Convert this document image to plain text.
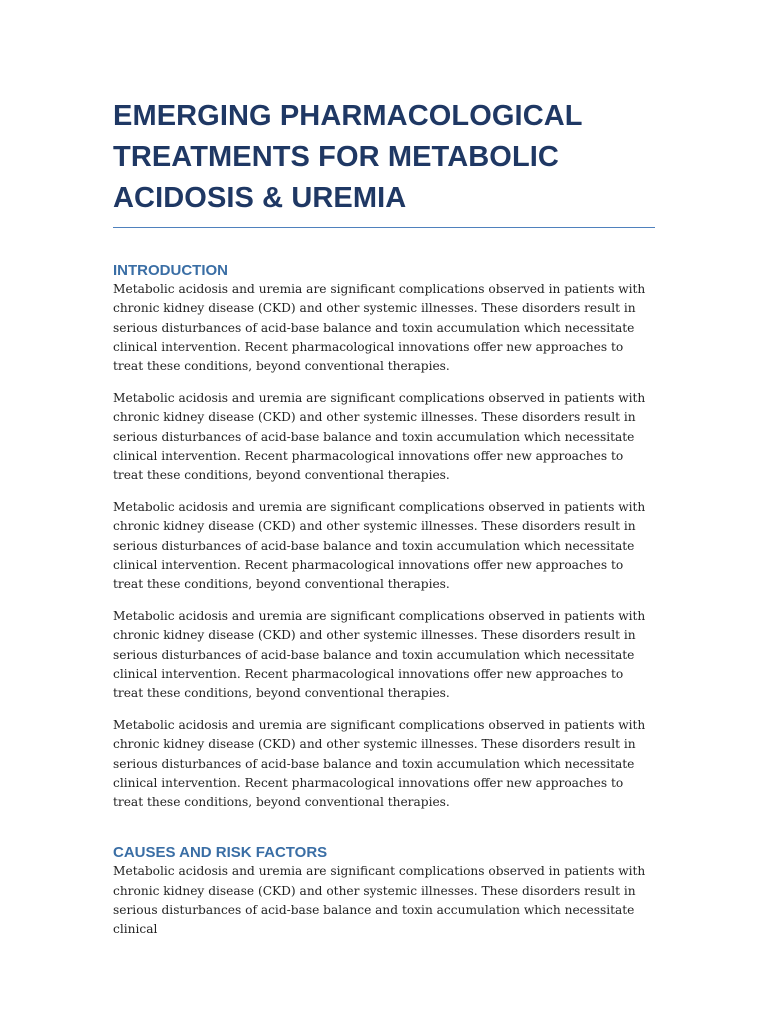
EMERGING PHARMACOLOGICAL TREATMENTS FOR METABOLIC ACIDOSIS & UREMIA
INTRODUCTION

Metabolic acidosis and uremia are significant complications observed in patients with chronic kidney disease (CKD) and other systemic illnesses. These disorders result in serious disturbances of acid-base balance and toxin accumulation which necessitate clinical intervention. Recent pharmacological innovations offer new approaches to treat these conditions, beyond conventional therapies.

Metabolic acidosis and uremia are significant complications observed in patients with chronic kidney disease (CKD) and other systemic illnesses. These disorders result in serious disturbances of acid-base balance and toxin accumulation which necessitate clinical intervention. Recent pharmacological innovations offer new approaches to treat these conditions, beyond conventional therapies.

Metabolic acidosis and uremia are significant complications observed in patients with chronic kidney disease (CKD) and other systemic illnesses. These disorders result in serious disturbances of acid-base balance and toxin accumulation which necessitate clinical intervention. Recent pharmacological innovations offer new approaches to treat these conditions, beyond conventional therapies.

Metabolic acidosis and uremia are significant complications observed in patients with chronic kidney disease (CKD) and other systemic illnesses. These disorders result in serious disturbances of acid-base balance and toxin accumulation which necessitate clinical intervention. Recent pharmacological innovations offer new approaches to treat these conditions, beyond conventional therapies.

Metabolic acidosis and uremia are significant complications observed in patients with chronic kidney disease (CKD) and other systemic illnesses. These disorders result in serious disturbances of acid-base balance and toxin accumulation which necessitate clinical intervention. Recent pharmacological innovations offer new approaches to treat these conditions, beyond conventional therapies.

CAUSES AND RISK FACTORS

Metabolic acidosis and uremia are significant complications observed in patients with chronic kidney disease (CKD) and other systemic illnesses. These disorders result in serious disturbances of acid-base balance and toxin accumulation which necessitate clinical
